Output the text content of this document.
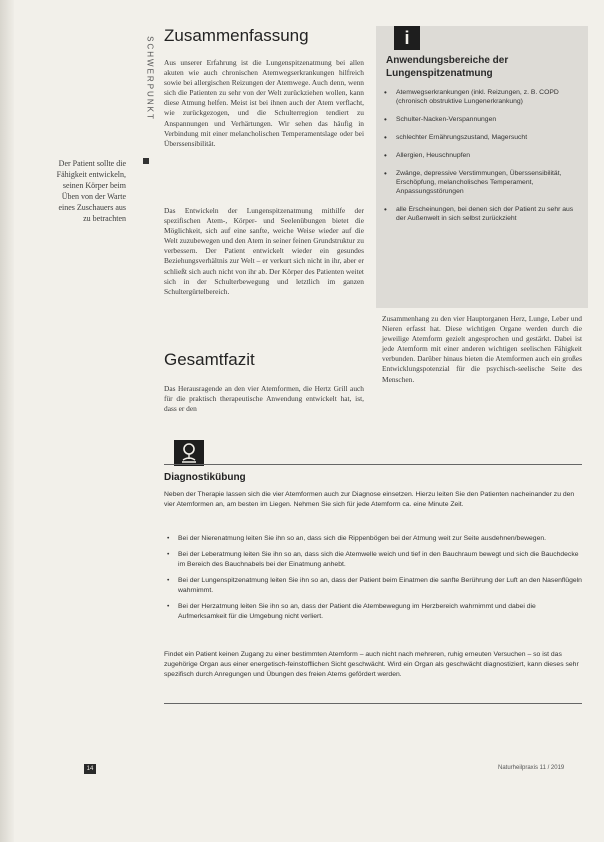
SCHWERPUNKT
Der Patient sollte die Fähigkeit entwickeln, seinen Körper beim Üben von der Warte eines Zuschauers aus zu betrachten
Zusammenfassung

Aus unserer Erfahrung ist die Lungenspitzenatmung bei allen akuten wie auch chronischen Atemwegserkrankungen hilfreich sowie bei allergischen Reizungen der Atemwege. Auch denn, wenn sich die Patienten zu sehr von der Welt zurückziehen wollen, kann diese Atmung helfen. Meist ist bei ihnen auch der Atem verflacht, wie zurückgezogen, und die Schulterregion tendiert zu Anspannungen und Verhärtungen. Wir sehen das häufig in Verbindung mit einer melancholischen Temperamentslage oder bei Überssensibilität.

Das Entwickeln der Lungenspitzenatmung mithilfe der spezifischen Atem-, Körper- und Seelenübungen bietet die Möglichkeit, sich auf eine sanfte, weiche Weise wieder auf die Welt zuzubewegen und den Atem in seiner feinen Grundstruktur zu verbessern. Der Patient entwickelt wieder ein gesundes Beziehungsverhältnis zur Welt – er verkurt sich nicht in ihr, aber er schließt sich auch nicht von ihr ab. Der Körper des Patienten weitet sich in der Schulterbewegung und letztlich im ganzen Schultergürtelbereich.

Gesamtfazit

Das Herausragende an den vier Atemformen, die Hertz Grill auch für die praktisch therapeutische Anwendung entwickelt hat, ist, dass er den

Zusammenhang zu den vier Hauptorganen Herz, Lunge, Leber und Nieren erfasst hat. Diese wichtigen Organe werden durch die jeweilige Atemform gezielt angesprochen und gestärkt. Dabei ist jede Atemform mit einer anderen wichtigen seelischen Fähigkeit verbunden. Darüber hinaus bieten die Atemformen auch ein großes Entwicklungspotenzial für die psychisch-seelische Seite des Menschen.

i
Anwendungsbereiche der Lungenspitzenatmung
• Atemwegserkrankungen (inkl. Reizungen, z. B. COPD (chronisch obstruktive Lungenerkrankung)
• Schulter-Nacken-Verspannungen
• schlechter Ernährungszustand, Magersucht
• Allergien, Heuschnupfen
• Zwänge, depressive Verstimmungen, Überssensibilität, Erschöpfung, melancholisches Temperament, Anpassungsstörungen
• alle Erscheinungen, bei denen sich der Patient zu sehr aus der Außenwelt in sich selbst zurückzieht
Diagnostikübung

Neben der Therapie lassen sich die vier Atemformen auch zur Diagnose einsetzen. Hierzu leiten Sie den Patienten nacheinander zu den vier Atemformen an, am besten im Liegen. Nehmen Sie sich für jede Atemform ca. eine Minute Zeit.

• Bei der Nierenatmung leiten Sie ihn so an, dass sich die Rippenbögen bei der Atmung weit zur Seite ausdehnen/bewegen.
• Bei der Leberatmung leiten Sie ihn so an, dass sich die Atemwelle weich und tief in den Bauchraum bewegt und sich die Bauchdecke im Bereich des Bauchnabels bei der Einatmung anhebt.
• Bei der Lungenspitzenatmung leiten Sie ihn so an, dass der Patient beim Einatmen die sanfte Berührung der Luft an den Nasenflügeln wahrnimmt.
• Bei der Herzatmung leiten Sie ihn so an, dass der Patient die Atembewegung im Herzbereich wahrnimmt und dabei die Aufmerksamkeit für die Umgebung nicht verliert.

Findet ein Patient keinen Zugang zu einer bestimmten Atemform – auch nicht nach mehreren, ruhig erneuten Versuchen – so ist das zugehörige Organ aus einer energetisch-feinstofflichen Sicht geschwächt. Wird ein Organ als geschwächt diagnostiziert, kann dieses sehr spezifisch durch Anregungen und Übungen des freien Atems gefördert werden.

14	Naturheilpraxis 11 / 2019
